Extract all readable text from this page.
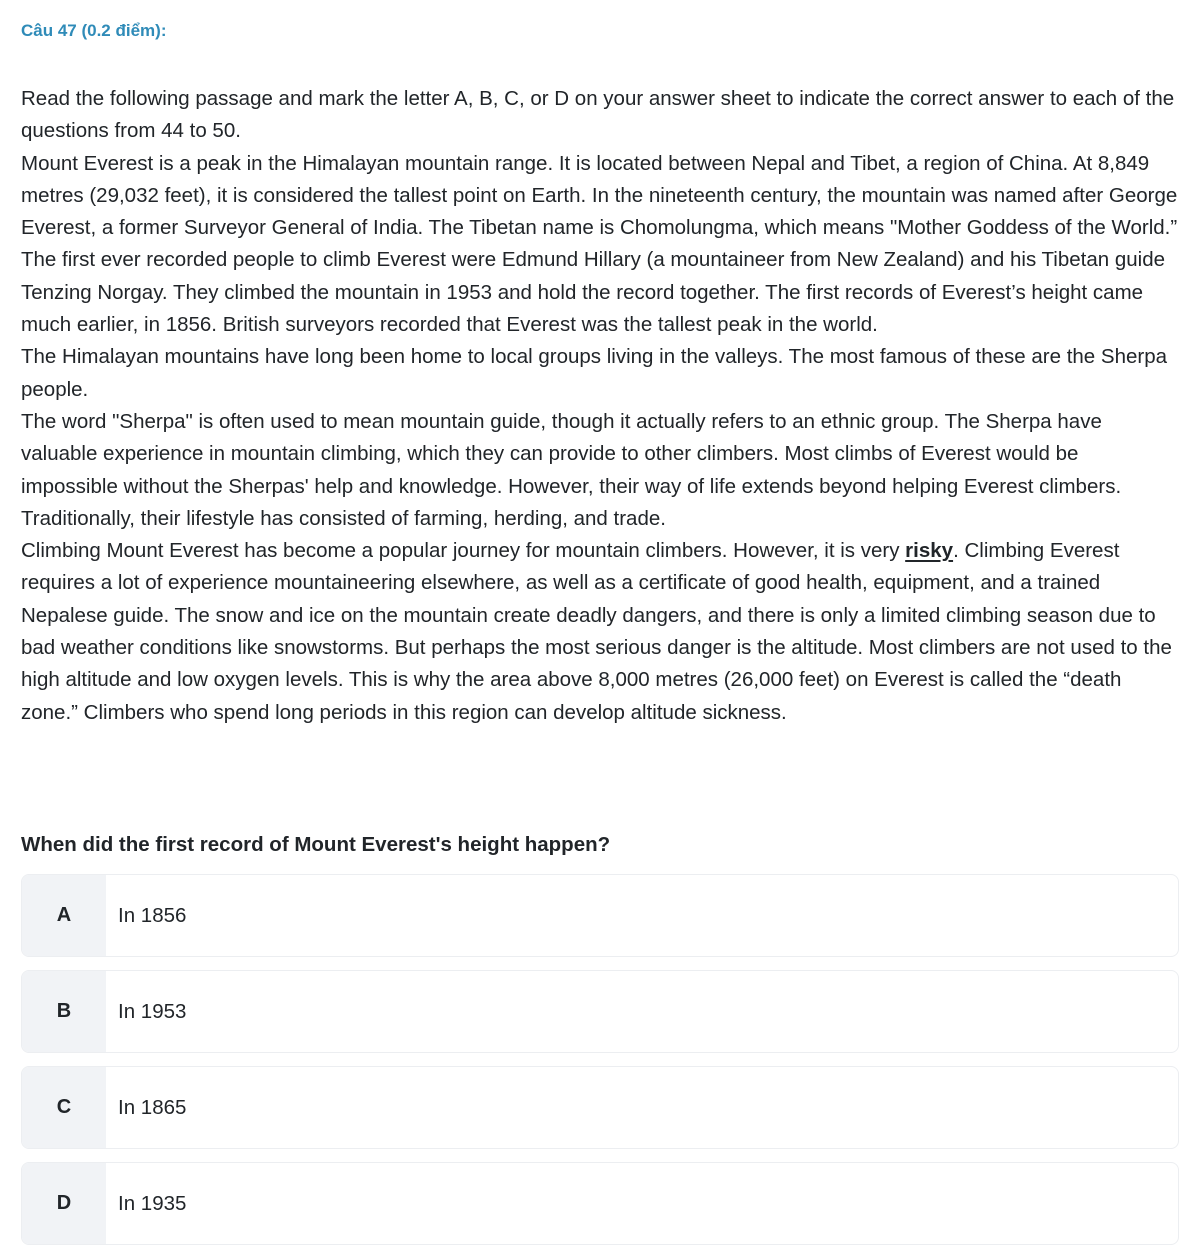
Câu 47 (0.2 điểm):

Read the following passage and mark the letter A, B, C, or D on your answer sheet to indicate the correct answer to each of the questions from 44 to 50.

Mount Everest is a peak in the Himalayan mountain range. It is located between Nepal and Tibet, a region of China. At 8,849 metres (29,032 feet), it is considered the tallest point on Earth. In the nineteenth century, the mountain was named after George Everest, a former Surveyor General of India. The Tibetan name is Chomolungma, which means "Mother Goddess of the World.”

The first ever recorded people to climb Everest were Edmund Hillary (a mountaineer from New Zealand) and his Tibetan guide Tenzing Norgay. They climbed the mountain in 1953 and hold the record together. The first records of Everest’s height came much earlier, in 1856. British surveyors recorded that Everest was the tallest peak in the world.

The Himalayan mountains have long been home to local groups living in the valleys. The most famous of these are the Sherpa people.

The word "Sherpa" is often used to mean mountain guide, though it actually refers to an ethnic group. The Sherpa have valuable experience in mountain climbing, which they can provide to other climbers. Most climbs of Everest would be impossible without the Sherpas' help and knowledge. However, their way of life extends beyond helping Everest climbers. Traditionally, their lifestyle has consisted of farming, herding, and trade.

Climbing Mount Everest has become a popular journey for mountain climbers. However, it is very risky. Climbing Everest requires a lot of experience mountaineering elsewhere, as well as a certificate of good health, equipment, and a trained Nepalese guide. The snow and ice on the mountain create deadly dangers, and there is only a limited climbing season due to bad weather conditions like snowstorms. But perhaps the most serious danger is the altitude. Most climbers are not used to the high altitude and low oxygen levels. This is why the area above 8,000 metres (26,000 feet) on Everest is called the “death zone.” Climbers who spend long periods in this region can develop altitude sickness.

When did the first record of Mount Everest's height happen?
A	In 1856
B	In 1953
C	In 1865
D	In 1935
